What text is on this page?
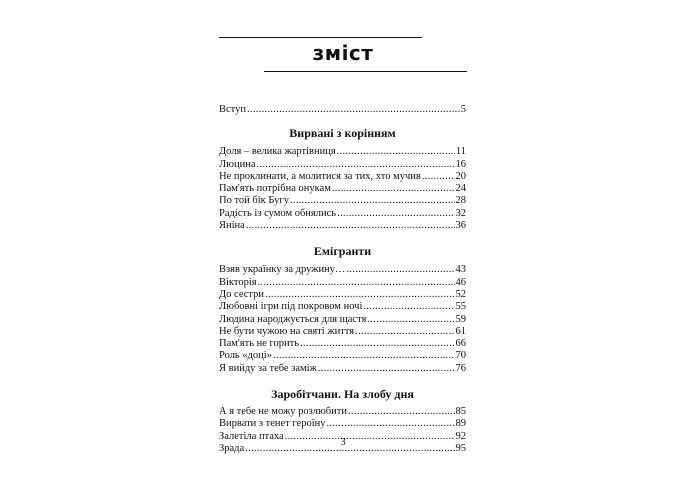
зміст
Вступ .....	5
Вирвані з корінням
Доля – велика жартівниця .....	11
Люцина .....	16
Не проклинати, а молитися за тих, хто мучив .....	20
Пам'ять потрібна онукам .....	24
По той бік Бугу .....	28
Радість із сумом обнялись .....	32
Яніна .....	36
Емігранти
Взяв українку за дружину… .....	43
Вікторія .....	46
До сестри .....	52
Любовні ігри під покровом ночі .....	55
Людина народжується для щастя .....	59
Не бути чужою на святі життя .....	61
Пам'ять не горить .....	66
Роль «доці» .....	70
Я вийду за тебе заміж .....	76
Заробітчани. На злобу дня
А я тебе не можу розлюбити .....	85
Вирвати з тенет героїну .....	89
Залетіла птаха .....	92
Зрада .....	95
3
